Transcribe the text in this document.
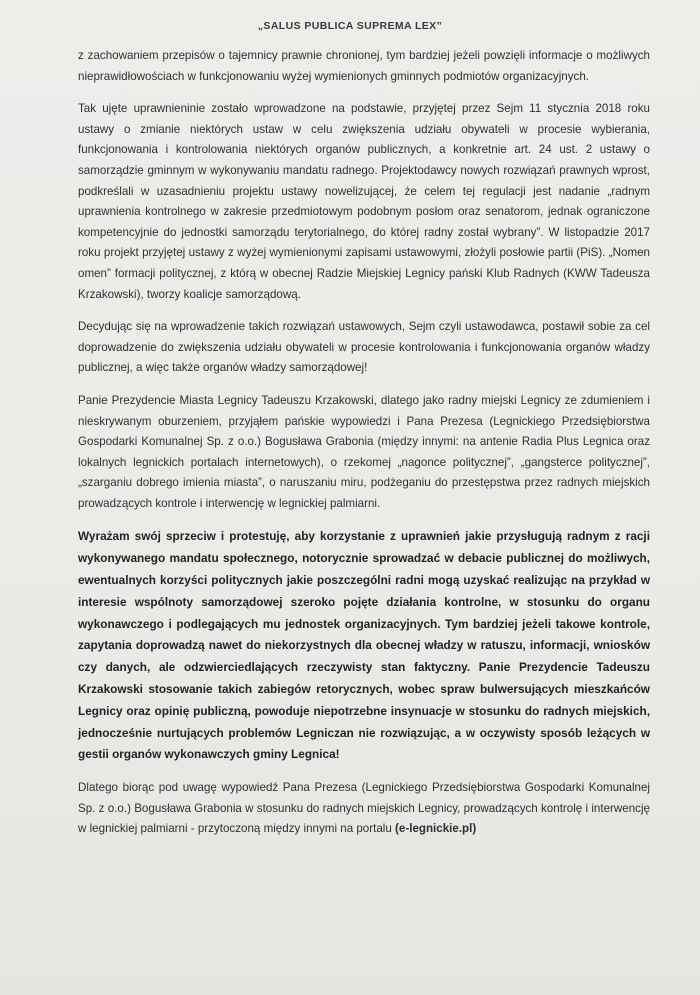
„SALUS PUBLICA SUPREMA LEX”

z zachowaniem przepisów o tajemnicy prawnie chronionej, tym bardziej jeżeli powzięli informacje o możliwych nieprawidłowościach w funkcjonowaniu wyżej wymienionych gminnych podmiotów organizacyjnych.

Tak ujęte uprawnieninie zostało wprowadzone na podstawie, przyjętej przez Sejm 11 stycznia 2018 roku ustawy o zmianie niektórych ustaw w celu zwiększenia udziału obywateli w procesie wybierania, funkcjonowania i kontrolowania niektórych organów publicznych, a konkretnie art. 24 ust. 2 ustawy o samorządzie gminnym w wykonywaniu mandatu radnego. Projektodawcy nowych rozwiązań prawnych wprost, podkreślali w uzasadnieniu projektu ustawy nowelizującej, że celem tej regulacji jest nadanie „radnym uprawnienia kontrolnego w zakresie przedmiotowym podobnym posłom oraz senatorom, jednak ograniczone kompetencyjnie do jednostki samorządu terytorialnego, do której radny został wybrany”. W listopadzie 2017 roku projekt przyjętej ustawy z wyżej wymienionymi zapisami ustawowymi, złożyli posłowie partii (PiS). „Nomen omen” formacji politycznej, z którą w obecnej Radzie Miejskiej Legnicy pański Klub Radnych (KWW Tadeusza Krzakowski), tworzy koalicje samorządową.

Decydując się na wprowadzenie takich rozwiązań ustawowych, Sejm czyli ustawodawca, postawił sobie za cel doprowadzenie do zwiększenia udziału obywateli w procesie kontrolowania i funkcjonowania organów władzy publicznej, a więc także organów władzy samorządowej!

Panie Prezydencie Miasta Legnicy Tadeuszu Krzakowski, dlatego jako radny miejski Legnicy ze zdumieniem i nieskrywanym oburzeniem, przyjąłem pańskie wypowiedzi i Pana Prezesa (Legnickiego Przedsiębiorstwa Gospodarki Komunalnej Sp. z o.o.) Bogusława Grabonia (między innymi: na antenie Radia Plus Legnica oraz lokalnych legnickich portalach internetowych), o rzekomej „nagonce politycznej”, „gangsterce politycznej”, „szarganiu dobrego imienia miasta”, o naruszaniu miru, podżeganiu do przestępstwa przez radnych miejskich prowadzących kontrole i interwencję w legnickiej palmiarni.

Wyrażam swój sprzeciw i protestuję, aby korzystanie z uprawnień jakie przysługują radnym z racji wykonywanego mandatu społecznego, notorycznie sprowadzać w debacie publicznej do możliwych, ewentualnych korzyści politycznych jakie poszczególni radni mogą uzyskać realizując na przykład w interesie wspólnoty samorządowej szeroko pojęte działania kontrolne, w stosunku do organu wykonawczego i podlegających mu jednostek organizacyjnych. Tym bardziej jeżeli takowe kontrole, zapytania doprowadzą nawet do niekorzystnych dla obecnej władzy w ratuszu, informacji, wniosków czy danych, ale odzwierciedlających rzeczywisty stan faktyczny. Panie Prezydencie Tadeuszu Krzakowski stosowanie takich zabiegów retorycznych, wobec spraw bulwersujących mieszkańców Legnicy oraz opinię publiczną, powoduje niepotrzebne insynuacje w stosunku do radnych miejskich, jednocześnie nurtujących problemów Legniczan nie rozwiązując, a w oczywisty sposób leżących w gestii organów wykonawczych gminy Legnica!

Dlatego biorąc pod uwagę wypowiedź Pana Prezesa (Legnickiego Przedsiębiorstwa Gospodarki Komunalnej Sp. z o.o.) Bogusława Grabonia w stosunku do radnych miejskich Legnicy, prowadzących kontrolę i interwencję w legnickiej palmiarni - przytoczoną między innymi na portalu (e-legnickie.pl)
